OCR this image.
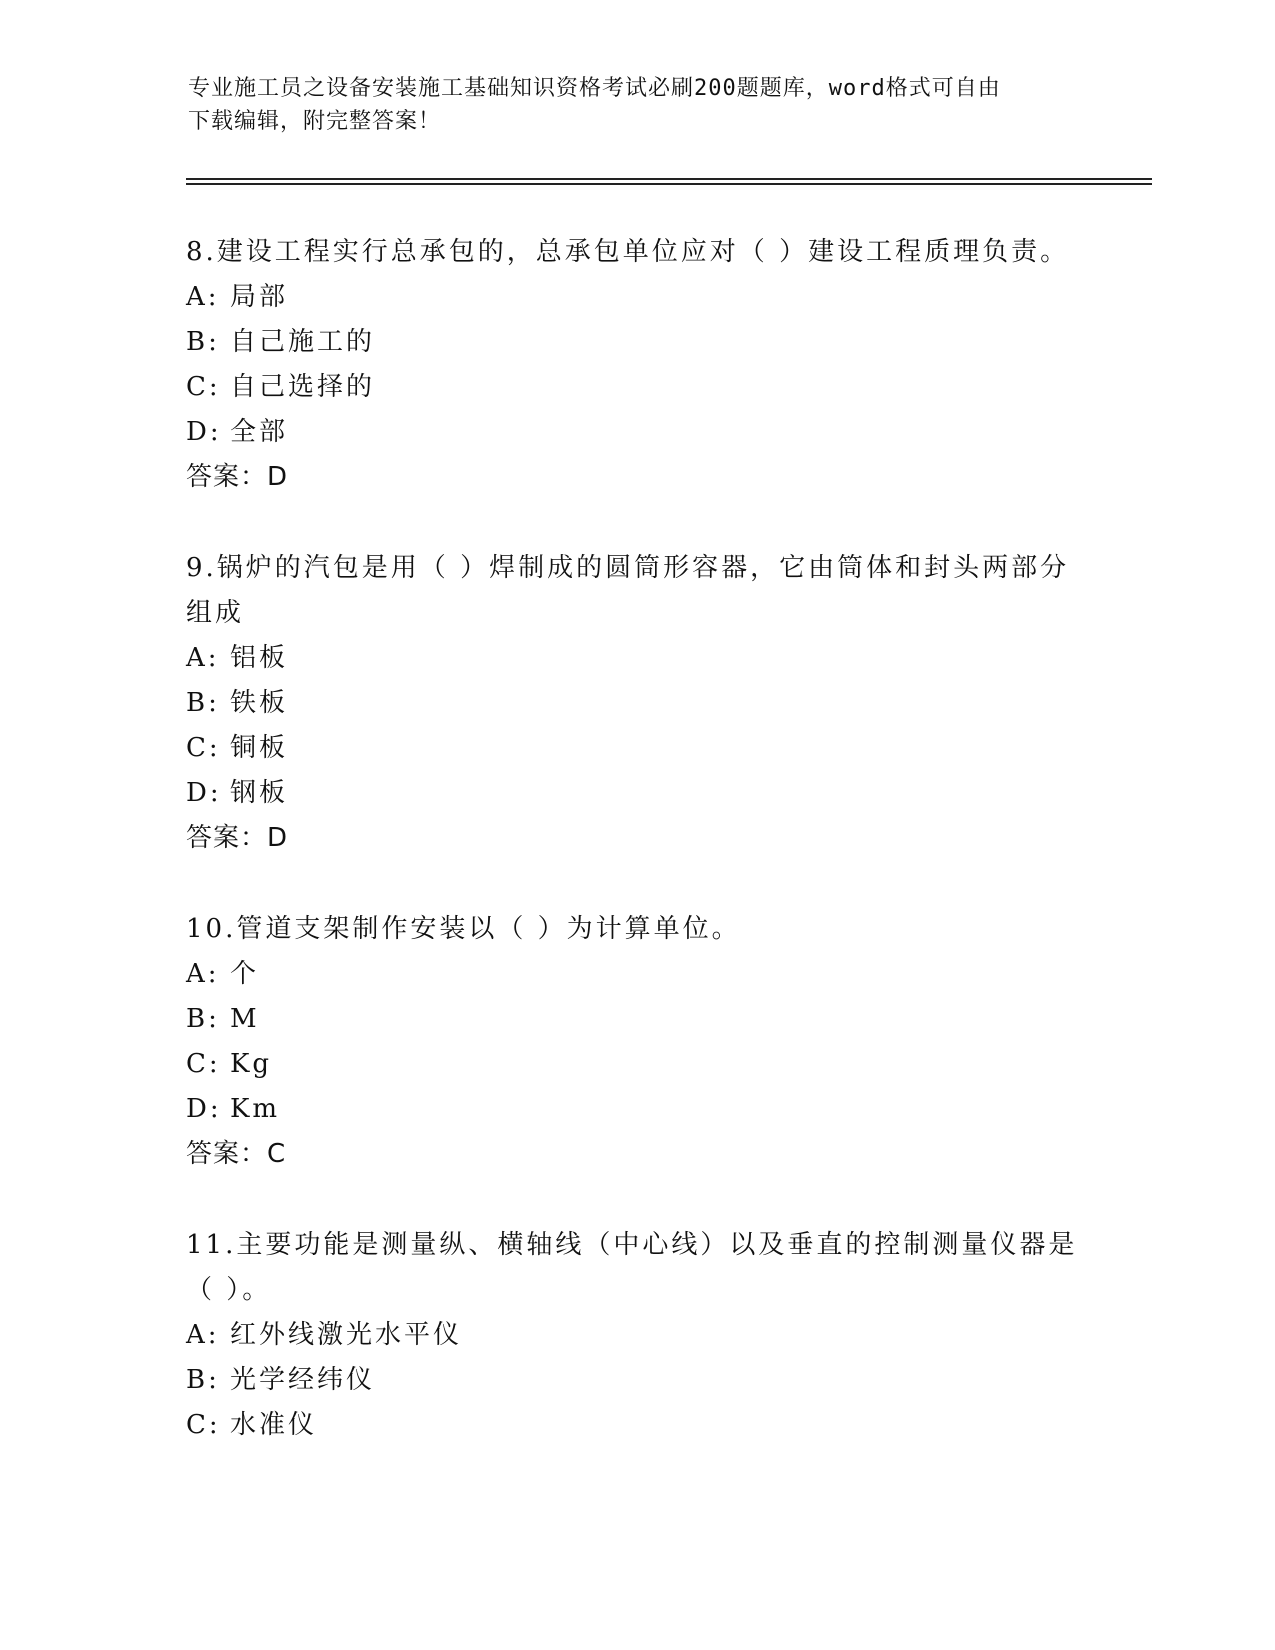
专业施工员之设备安装施工基础知识资格考试必刷200题题库，word格式可自由
下载编辑，附完整答案！

8.建设工程实行总承包的，总承包单位应对（ ）建设工程质理负责。

A: 局部

B: 自己施工的

C: 自己选择的

D: 全部

答案：D

9.锅炉的汽包是用（ ）焊制成的圆筒形容器，它由筒体和封头两部分组成

A: 铝板

B: 铁板

C: 铜板

D: 钢板

答案：D

10.管道支架制作安装以（ ）为计算单位。

A: 个

B: M

C: Kg

D: Km

答案：C

11.主要功能是测量纵、横轴线（中心线）以及垂直的控制测量仪器是（ ）。

A: 红外线激光水平仪

B: 光学经纬仪

C: 水准仪
